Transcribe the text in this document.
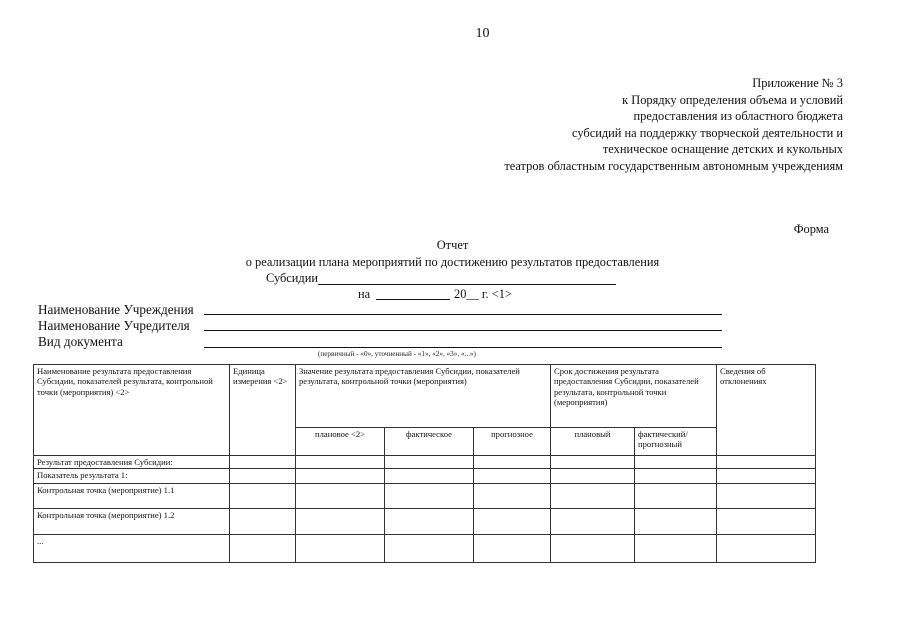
10
Приложение № 3
к Порядку определения объема и условий
предоставления из областного бюджета
субсидий на поддержку творческой деятельности и
техническое оснащение детских и кукольных
театров областным государственным автономным учреждениям
Форма
Отчет
о реализации плана мероприятий по достижению результатов предоставления
Субсидии
на	20__ г. <1>
Наименование Учреждения
Наименование Учредителя
Вид документа
(первичный - «0», уточненный - «1», «2», «3», «...»)
Наименование результата предоставления Субсидии, показателей результата, контрольной точки (мероприятия) <2>	Единица измерения <2>	Значение результата предоставления Субсидии, показателей результата, контрольной точки (мероприятия)			Срок достижения результата предоставления Субсидии, показателей результата, контрольной точки (мероприятия)		Сведения об отклонениях
		плановое <2>	фактическое	прогнозное	плановый	фактический/ прогнозный	
Результат предоставления Субсидии:							
Показатель результата 1:							
Контрольная точка (мероприятие) 1.1							
Контрольная точка (мероприятие) 1.2							
...							
